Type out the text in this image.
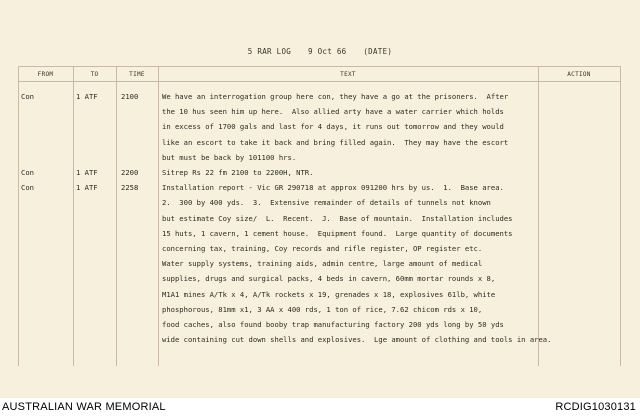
5 RAR LOG 9 Oct 66 (DATE)
FROM	TO	TIME	TEXT	ACTION
Con	1 ATF	2100	We have an interrogation group here con, they have a go at the prisoners.  After
the 10 hus seen him up here.  Also allied arty have a water carrier which holds
in excess of 1700 gals and last for 4 days, it runs out tomorrow and they would
like an escort to take it back and bring filled again.  They may have the escort
but must be back by 101100 hrs.
Con	1 ATF	2200	Sitrep Rs 22 fm 2100 to 2200H, NTR.
Con	1 ATF	2258	Installation report - Vic GR 290718 at approx 091200 hrs by us.  1.  Base area.
2.  300 by 400 yds.  3.  Extensive remainder of details of tunnels not known
but estimate Coy size/  L.  Recent.  J.  Base of mountain.  Installation includes
15 huts, 1 cavern, 1 cement house.  Equipment found.  Large quantity of documents
concerning tax, training, Coy records and rifle register, OP register etc.
Water supply systems, training aids, admin centre, large amount of medical
supplies, drugs and surgical packs, 4 beds in cavern, 60mm mortar rounds x 8,
M1A1 mines A/Tk x 4, A/Tk rockets x 19, grenades x 18, explosives 61lb, white
phosphorous, 81mm x1, 3 AA x 400 rds, 1 ton of rice, 7.62 chicom rds x 10,
food caches, also found booby trap manufacturing factory 200 yds long by 50 yds
wide containing cut down shells and explosives.  Lge amount of clothing and tools in area.
AUSTRALIAN WAR MEMORIAL	RCDIG1030131
